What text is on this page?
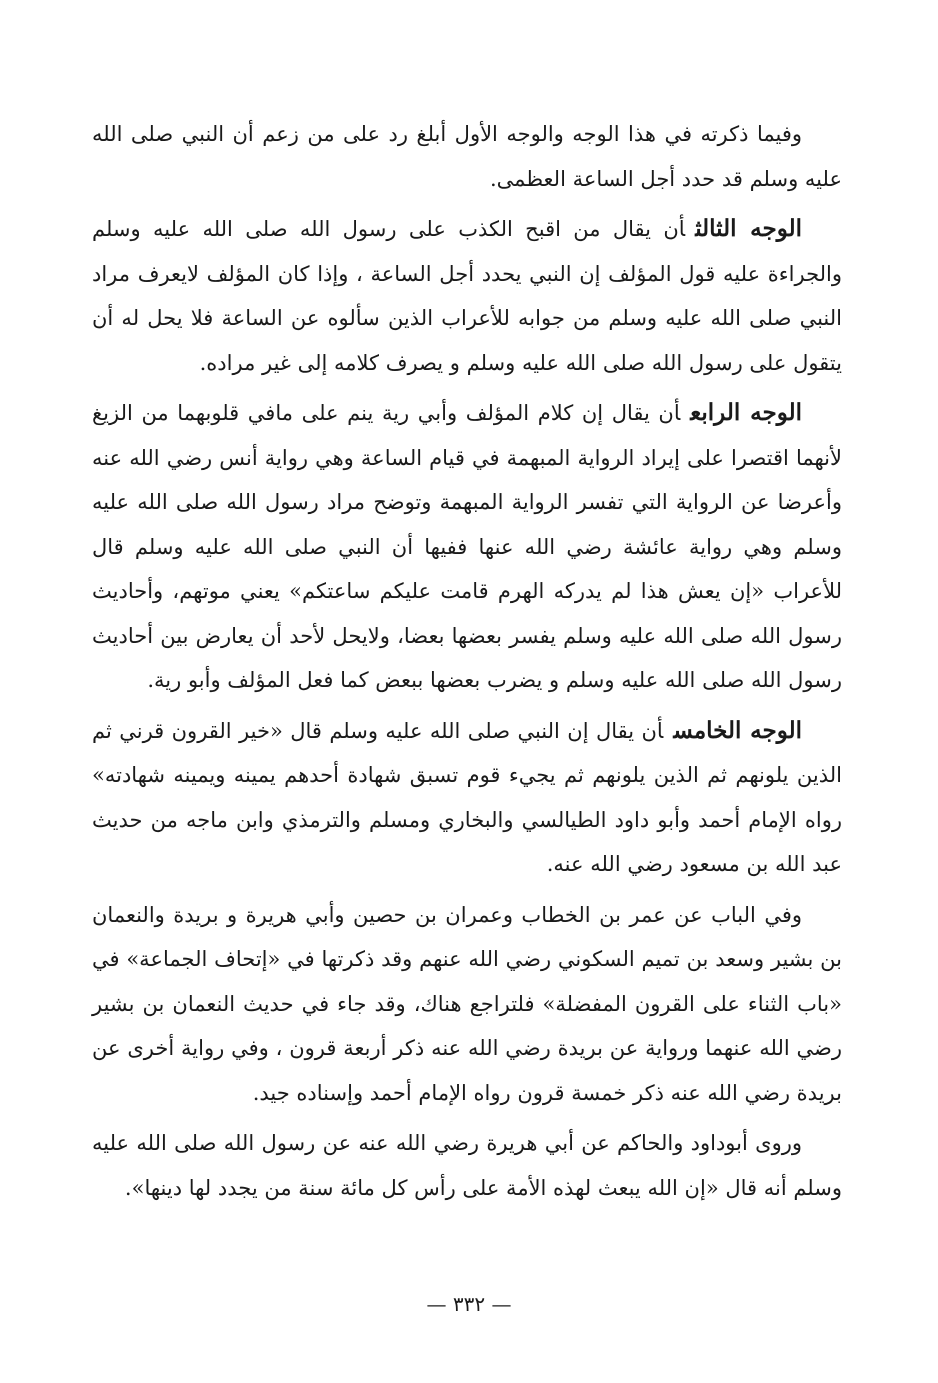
وفيما ذكرته في هذا الوجه والوجه الأول أبلغ رد على من زعم أن النبي صلى الله عليه وسلم قد حدد أجل الساعة العظمى.

الوجه الثالثأن يقال من اقبح الكذب على رسول الله صلى الله عليه وسلم والجراءة عليه قول المؤلف إن النبي يحدد أجل الساعة ، وإذا كان المؤلف لايعرف مراد النبي صلى الله عليه وسلم من جوابه للأعراب الذين سألوه عن الساعة فلا يحل له أن يتقول على رسول الله صلى الله عليه وسلم و يصرف كلامه إلى غير مراده.

الوجه الرابعأن يقال إن كلام المؤلف وأبي رية ينم على مافي قلوبهما من الزيغ لأنهما اقتصرا على إيراد الرواية المبهمة في قيام الساعة وهي رواية أنس رضي الله عنه وأعرضا عن الرواية التي تفسر الرواية المبهمة وتوضح مراد رسول الله صلى الله عليه وسلم وهي رواية عائشة رضي الله عنها ففيها أن النبي صلى الله عليه وسلم قال للأعراب «إن يعش هذا لم يدركه الهرم قامت عليكم ساعتكم» يعني موتهم، وأحاديث رسول الله صلى الله عليه وسلم يفسر بعضها بعضا، ولايحل لأحد أن يعارض بين أحاديث رسول الله صلى الله عليه وسلم و يضرب بعضها ببعض كما فعل المؤلف وأبو رية.

الوجه الخامسأن يقال إن النبي صلى الله عليه وسلم قال «خير القرون قرني ثم الذين يلونهم ثم الذين يلونهم ثم يجيء قوم تسبق شهادة أحدهم يمينه ويمينه شهادته» رواه الإمام أحمد وأبو داود الطيالسي والبخاري ومسلم والترمذي وابن ماجه من حديث عبد الله بن مسعود رضي الله عنه.

وفي الباب عن عمر بن الخطاب وعمران بن حصين وأبي هريرة و بريدة والنعمان بن بشير وسعد بن تميم السكوني رضي الله عنهم وقد ذكرتها في «إتحاف الجماعة» في «باب الثناء على القرون المفضلة» فلتراجع هناك، وقد جاء في حديث النعمان بن بشير رضي الله عنهما ورواية عن بريدة رضي الله عنه ذكر أربعة قرون ، وفي رواية أخرى عن بريدة رضي الله عنه ذكر خمسة قرون رواه الإمام أحمد وإسناده جيد.

وروى أبوداود والحاكم عن أبي هريرة رضي الله عنه عن رسول الله صلى الله عليه وسلم أنه قال «إن الله يبعث لهذه الأمة على رأس كل مائة سنة من يجدد لها دينها».

— ٣٣٢ —
